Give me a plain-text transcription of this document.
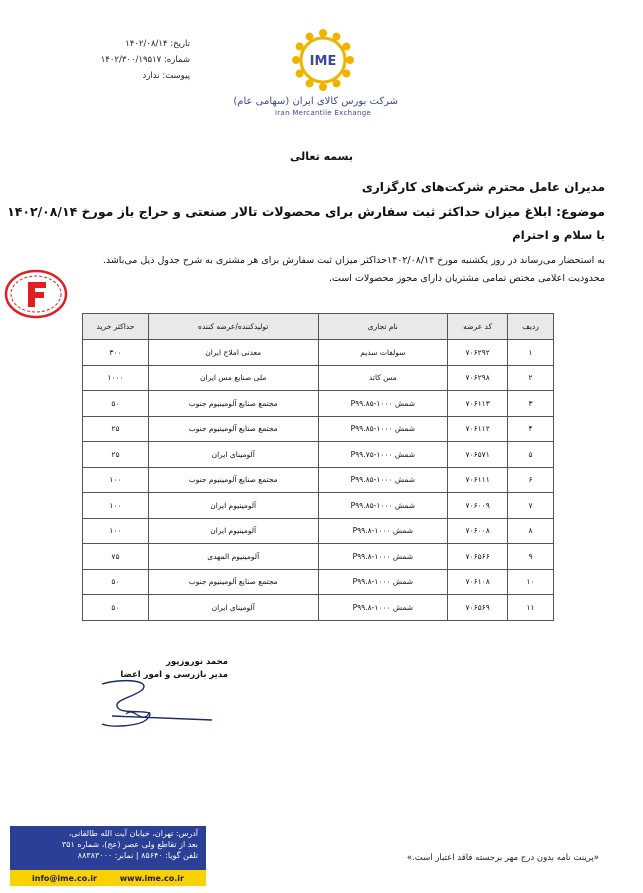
تاریخ: ۱۴۰۲/۰۸/۱۴
شماره: ۱۴۰۲/۳۰۰/۱۹۵۱۷
پیوست: ندارد
IME
شرکت بورس کالای ایران (سهامی عام)
Iran Mercantile Exchange
بسمه تعالی
مدیران عامل محترم شرکت‌های کارگزاری
موضوع: ابلاغ میزان حداکثر ثبت سفارش برای محصولات تالار صنعتی و حراج باز مورخ ۱۴۰۲/۰۸/۱۴
با سلام و احترام
به استحضار می‌رساند در روز یکشنبه مورخ ۱۴۰۲/۰۸/۱۴حداکثر میزان ثبت سفارش برای هر مشتری به شرح جدول ذیل می‌باشد.
محدودیت اعلامی مختص تمامی مشتریان دارای مجوز محصولات است.
ردیف	کد عرضه	نام تجاری	تولیدکننده/عرضه کننده	حداکثر خرید
۱	۷۰۶۲۹۲	سولفات سدیم	معدنی املاح ایران	۳۰۰
۲	۷۰۶۲۹۸	مس کاتد	ملی صنایع مس ایران	۱۰۰۰
۳	۷۰۶۱۱۳	شمش ۱۰۰۰-P۹۹.۸۵	مجتمع صنایع آلومینیوم جنوب	۵۰
۴	۷۰۶۱۱۲	شمش ۱۰۰۰-P۹۹.۸۵	مجتمع صنایع آلومینیوم جنوب	۲۵
۵	۷۰۶۵۷۱	شمش ۱۰۰۰-P۹۹.۷۵	آلومینای ایران	۲۵
۶	۷۰۶۱۱۱	شمش ۱۰۰۰-P۹۹.۸۵	مجتمع صنایع آلومینیوم جنوب	۱۰۰
۷	۷۰۶۰۰۹	شمش ۱۰۰۰-P۹۹.۸۵	آلومینیوم ایران	۱۰۰
۸	۷۰۶۰۰۸	شمش ۱۰۰۰-P۹۹.۸	آلومینیوم ایران	۱۰۰
۹	۷۰۶۵۶۶	شمش ۱۰۰۰-P۹۹.۸	آلومینیوم المهدی	۷۵
۱۰	۷۰۶۱۰۸	شمش ۱۰۰۰-P۹۹.۸	مجتمع صنایع آلومینیوم جنوب	۵۰
۱۱	۷۰۶۵۶۹	شمش ۱۰۰۰-P۹۹.۸	آلومینای ایران	۵۰
محمد نوروزپور
مدیر بازرسی و امور اعضا
آدرس: تهران، خیابان آیت الله طالقانی،
بعد از تقاطع ولی عصر (عج)، شماره ۳۵۱
تلفن گویا: ۸۵۶۴۰ | نمابر: ۸۸۳۸۳۰۰۰
info@ime.co.ir	www.ime.co.ir
«پرینت نامه بدون درج مهر برجسته فاقد اعتبار است.»
